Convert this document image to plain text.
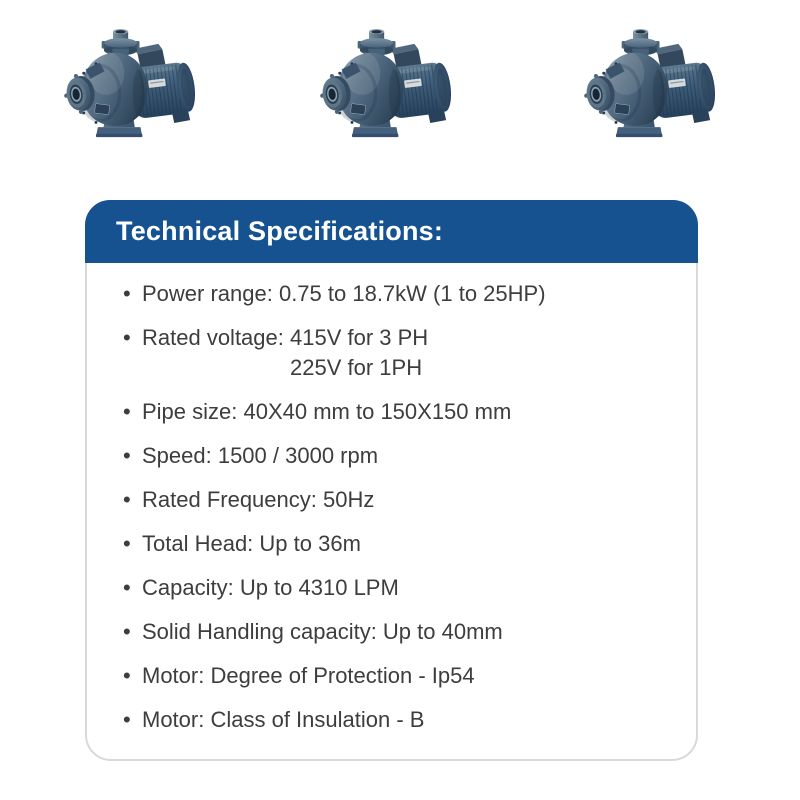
Technical Specifications:
• Power range: 0.75 to 18.7kW (1 to 25HP)
• Rated voltage: 415V for 3 PH
225V for 1PH
• Pipe size: 40X40 mm to 150X150 mm
• Speed: 1500 / 3000 rpm
• Rated Frequency: 50Hz
• Total Head: Up to 36m
• Capacity: Up to 4310 LPM
• Solid Handling capacity: Up to 40mm
• Motor: Degree of Protection - Ip54
• Motor: Class of Insulation - B
